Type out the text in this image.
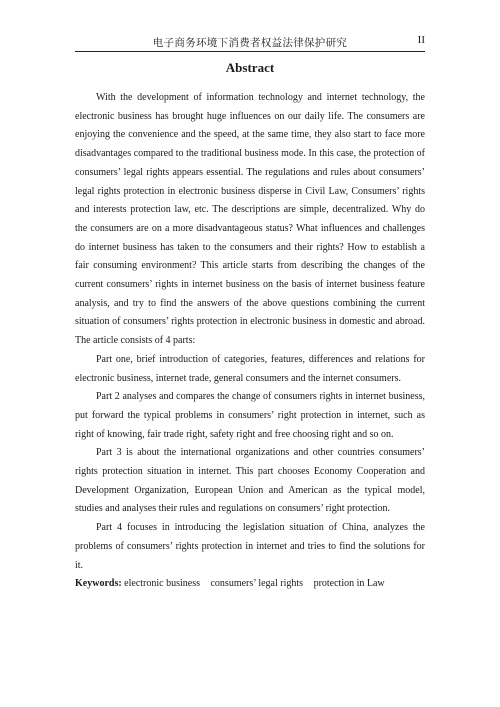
电子商务环境下消费者权益法律保护研究	II
Abstract

With the development of information technology and internet technology, the electronic business has brought huge influences on our daily life. The consumers are enjoying the convenience and the speed, at the same time, they also start to face more disadvantages compared to the traditional business mode. In this case, the protection of consumers’ legal rights appears essential. The regulations and rules about consumers’ legal rights protection in electronic business disperse in Civil Law, Consumers’ rights and interests protection law, etc. The descriptions are simple, decentralized. Why do the consumers are on a more disadvantageous status? What influences and challenges do internet business has taken to the consumers and their rights? How to establish a fair consuming environment? This article starts from describing the changes of the current consumers’ rights in internet business on the basis of internet business feature analysis, and try to find the answers of the above questions combining the current situation of consumers’ rights protection in electronic business in domestic and abroad. The article consists of 4 parts:

Part one, brief introduction of categories, features, differences and relations for electronic business, internet trade, general consumers and the internet consumers.

Part 2 analyses and compares the change of consumers rights in internet business, put forward the typical problems in consumers’ right protection in internet, such as right of knowing, fair trade right, safety right and free choosing right and so on.

Part 3 is about the international organizations and other countries consumers’ rights protection situation in internet. This part chooses Economy Cooperation and Development Organization, European Union and American as the typical model, studies and analyses their rules and regulations on consumers’ right protection.

Part 4 focuses in introducing the legislation situation of China, analyzes the problems of consumers’ rights protection in internet and tries to find the solutions for it.

Keywords: electronic business consumers’ legal rights protection in Law
